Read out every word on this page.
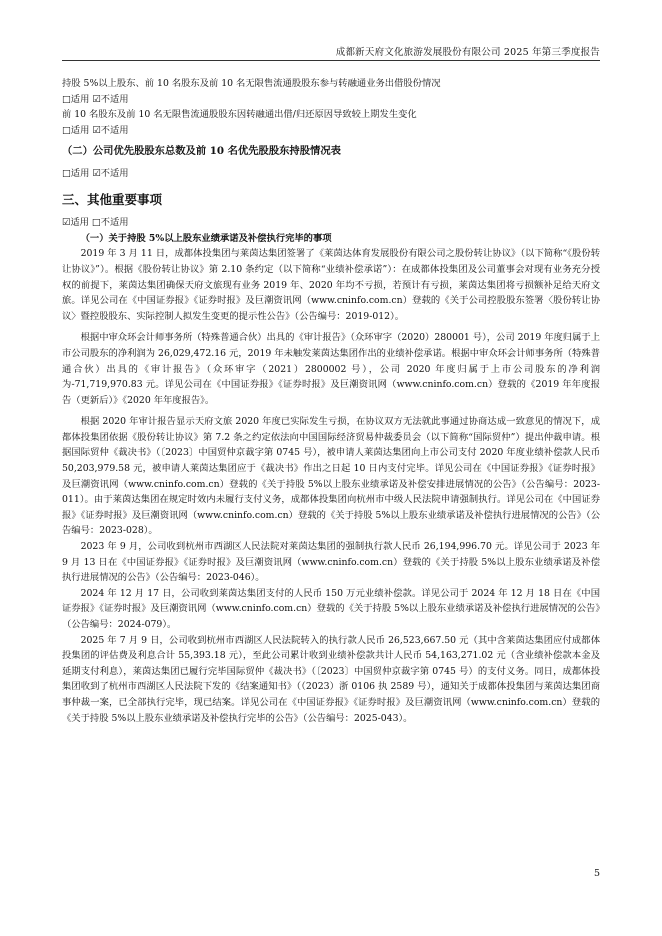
成都新天府文化旅游发展股份有限公司 2025 年第三季度报告

持股 5%以上股东、前 10 名股东及前 10 名无限售流通股股东参与转融通业务出借股份情况

□适用 ☑不适用

前 10 名股东及前 10 名无限售流通股股东因转融通出借/归还原因导致较上期发生变化

□适用 ☑不适用

（二）公司优先股股东总数及前 10 名优先股股东持股情况表

□适用 ☑不适用

三、其他重要事项

☑适用 □不适用

（一）关于持股 5%以上股东业绩承诺及补偿执行完毕的事项

2019 年 3 月 11 日，成都体投集团与莱茵达集团签署了《莱茵达体育发展股份有限公司之股份转让协议》（以下简称“《股份转让协议》”）。根据《股份转让协议》第 2.10 条约定（以下简称“业绩补偿承诺”）：在成都体投集团及公司董事会对现有业务充分授权的前提下，莱茵达集团确保天府文旅现有业务 2019 年、2020 年均不亏损，若预计有亏损，莱茵达集团将亏损额补足给天府文旅。详见公司在《中国证券报》《证券时报》及巨潮资讯网（www.cninfo.com.cn）登载的《关于公司控股股东签署〈股份转让协议〉暨控股股东、实际控制人拟发生变更的提示性公告》（公告编号：2019-012）。

根据中审众环会计师事务所（特殊普通合伙）出具的《审计报告》（众环审字（2020）280001 号），公司 2019 年度归属于上市公司股东的净利润为 26,029,472.16 元，2019 年未触发莱茵达集团作出的业绩补偿承诺。根据中审众环会计师事务所（特殊普通合伙）出具的《审计报告》（众环审字（2021）2800002 号），公司 2020 年度归属于上市公司股东的净利润为-71,719,970.83 元。详见公司在《中国证券报》《证券时报》及巨潮资讯网（www.cninfo.com.cn）登载的《2019 年年度报告（更新后）》《2020 年年度报告》。

根据 2020 年审计报告显示天府文旅 2020 年度已实际发生亏损，在协议双方无法就此事通过协商达成一致意见的情况下，成都体投集团依据《股份转让协议》第 7.2 条之约定依法向中国国际经济贸易仲裁委员会（以下简称“国际贸仲”）提出仲裁申请。根据国际贸仲《裁决书》（〔2023〕中国贸仲京裁字第 0745 号），被申请人莱茵达集团向上市公司支付 2020 年度业绩补偿款人民币 50,203,979.58 元，被申请人莱茵达集团应于《裁决书》作出之日起 10 日内支付完毕。详见公司在《中国证券报》《证券时报》及巨潮资讯网（www.cninfo.com.cn）登载的《关于持股 5%以上股东业绩承诺及补偿安排进展情况的公告》（公告编号：2023-011）。由于莱茵达集团在规定时效内未履行支付义务，成都体投集团向杭州市中级人民法院申请强制执行。详见公司在《中国证券报》《证券时报》及巨潮资讯网（www.cninfo.com.cn）登载的《关于持股 5%以上股东业绩承诺及补偿执行进展情况的公告》（公告编号：2023-028）。

2023 年 9 月，公司收到杭州市西湖区人民法院对莱茵达集团的强制执行款人民币 26,194,996.70 元。详见公司于 2023 年 9 月 13 日在《中国证券报》《证券时报》及巨潮资讯网（www.cninfo.com.cn）登载的《关于持股 5%以上股东业绩承诺及补偿执行进展情况的公告》（公告编号：2023-046）。

2024 年 12 月 17 日，公司收到莱茵达集团支付的人民币 150 万元业绩补偿款。详见公司于 2024 年 12 月 18 日在《中国证券报》《证券时报》及巨潮资讯网（www.cninfo.com.cn）登载的《关于持股 5%以上股东业绩承诺及补偿执行进展情况的公告》（公告编号：2024-079）。

2025 年 7 月 9 日，公司收到杭州市西湖区人民法院转入的执行款人民币 26,523,667.50 元（其中含莱茵达集团应付成都体投集团的评估费及利息合计 55,393.18 元），至此公司累计收到业绩补偿款共计人民币 54,163,271.02 元（含业绩补偿款本金及延期支付利息），莱茵达集团已履行完毕国际贸仲《裁决书》（〔2023〕中国贸仲京裁字第 0745 号）的支付义务。同日，成都体投集团收到了杭州市西湖区人民法院下发的《结案通知书》（（2023）浙 0106 执 2589 号），通知关于成都体投集团与莱茵达集团商事仲裁一案，已全部执行完毕，现已结案。详见公司在《中国证券报》《证券时报》及巨潮资讯网（www.cninfo.com.cn）登载的《关于持股 5%以上股东业绩承诺及补偿执行完毕的公告》（公告编号：2025-043）。

5
